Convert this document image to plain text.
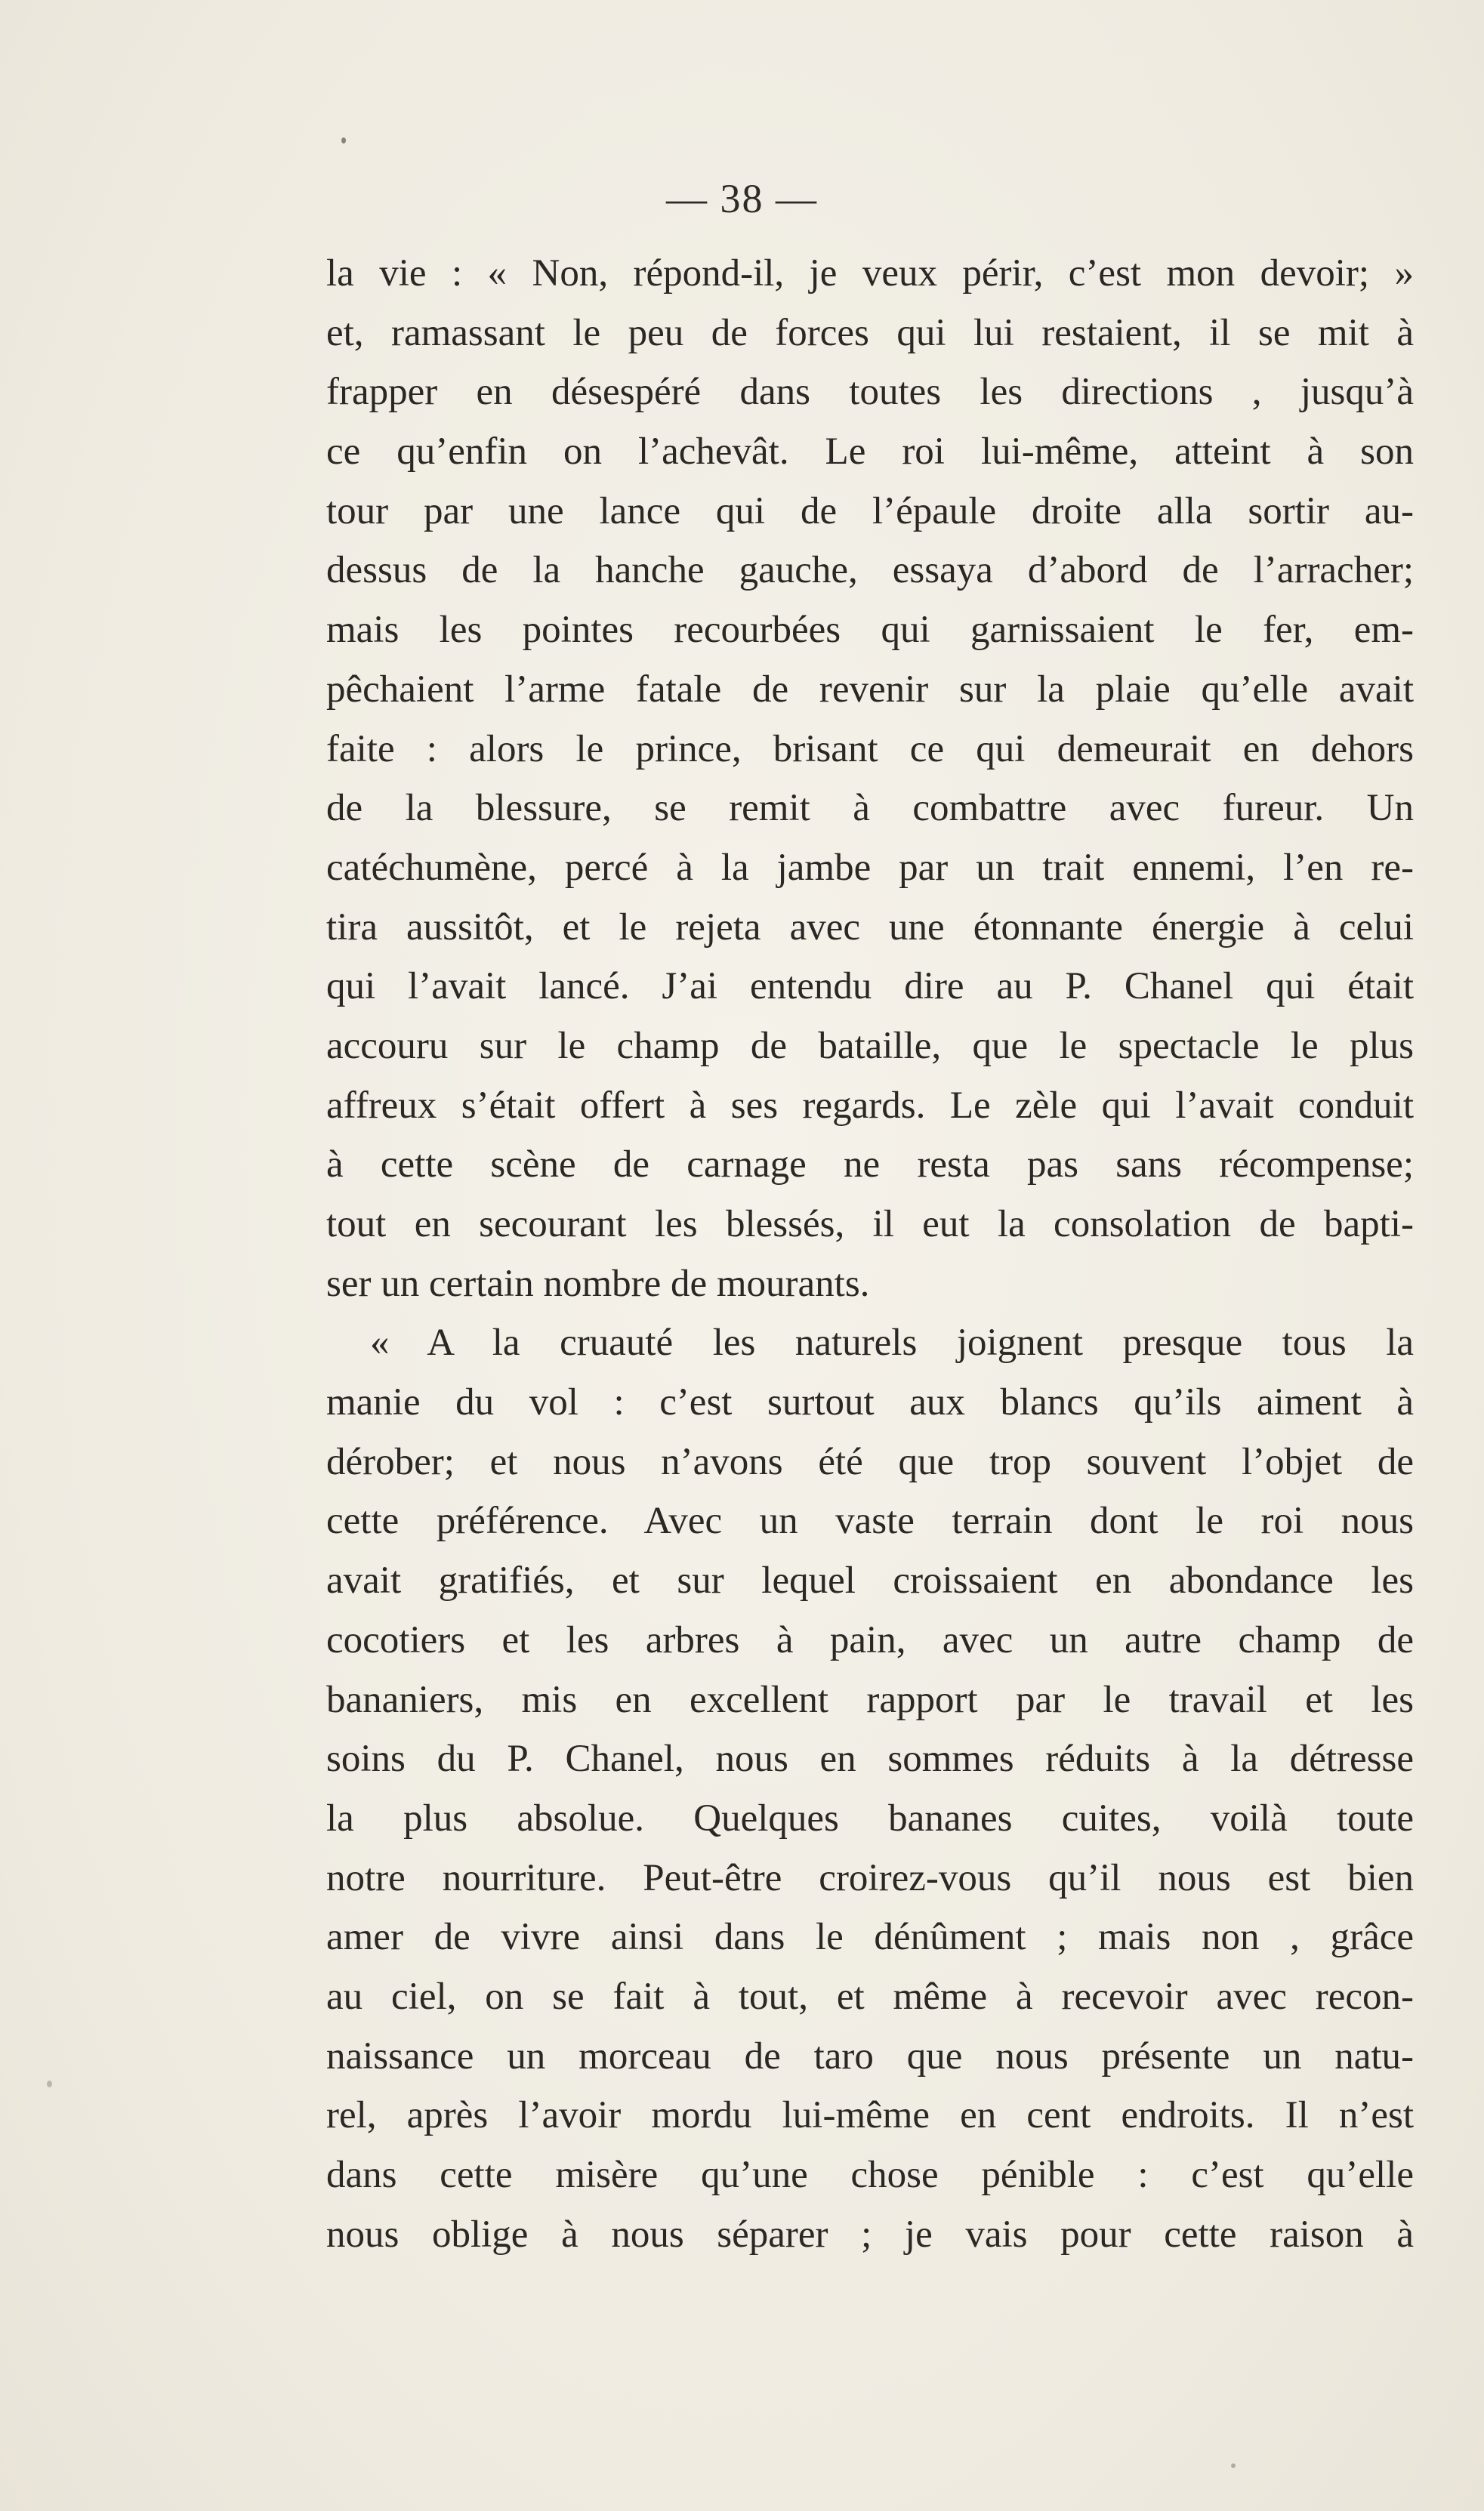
— 38 —
la vie : « Non, répond-il, je veux périr, c’est mon devoir; »
et, ramassant le peu de forces qui lui restaient, il se mit à
frapper en désespéré dans toutes les directions , jusqu’à
ce qu’enfin on l’achevât. Le roi lui-même, atteint à son
tour par une lance qui de l’épaule droite alla sortir au-
dessus de la hanche gauche, essaya d’abord de l’arracher;
mais les pointes recourbées qui garnissaient le fer, em-
pêchaient l’arme fatale de revenir sur la plaie qu’elle avait
faite : alors le prince, brisant ce qui demeurait en dehors
de la blessure, se remit à combattre avec fureur. Un
catéchumène, percé à la jambe par un trait ennemi, l’en re-
tira aussitôt, et le rejeta avec une étonnante énergie à celui
qui l’avait lancé. J’ai entendu dire au P. Chanel qui était
accouru sur le champ de bataille, que le spectacle le plus
affreux s’était offert à ses regards. Le zèle qui l’avait conduit
à cette scène de carnage ne resta pas sans récompense;
tout en secourant les blessés, il eut la consolation de bapti-
ser un certain nombre de mourants.
« A la cruauté les naturels joignent presque tous la
manie du vol : c’est surtout aux blancs qu’ils aiment à
dérober; et nous n’avons été que trop souvent l’objet de
cette préférence. Avec un vaste terrain dont le roi nous
avait gratifiés, et sur lequel croissaient en abondance les
cocotiers et les arbres à pain, avec un autre champ de
bananiers, mis en excellent rapport par le travail et les
soins du P. Chanel, nous en sommes réduits à la détresse
la plus absolue. Quelques bananes cuites, voilà toute
notre nourriture. Peut-être croirez-vous qu’il nous est bien
amer de vivre ainsi dans le dénûment ; mais non , grâce
au ciel, on se fait à tout, et même à recevoir avec recon-
naissance un morceau de taro que nous présente un natu-
rel, après l’avoir mordu lui-même en cent endroits. Il n’est
dans cette misère qu’une chose pénible : c’est qu’elle
nous oblige à nous séparer ; je vais pour cette raison à
